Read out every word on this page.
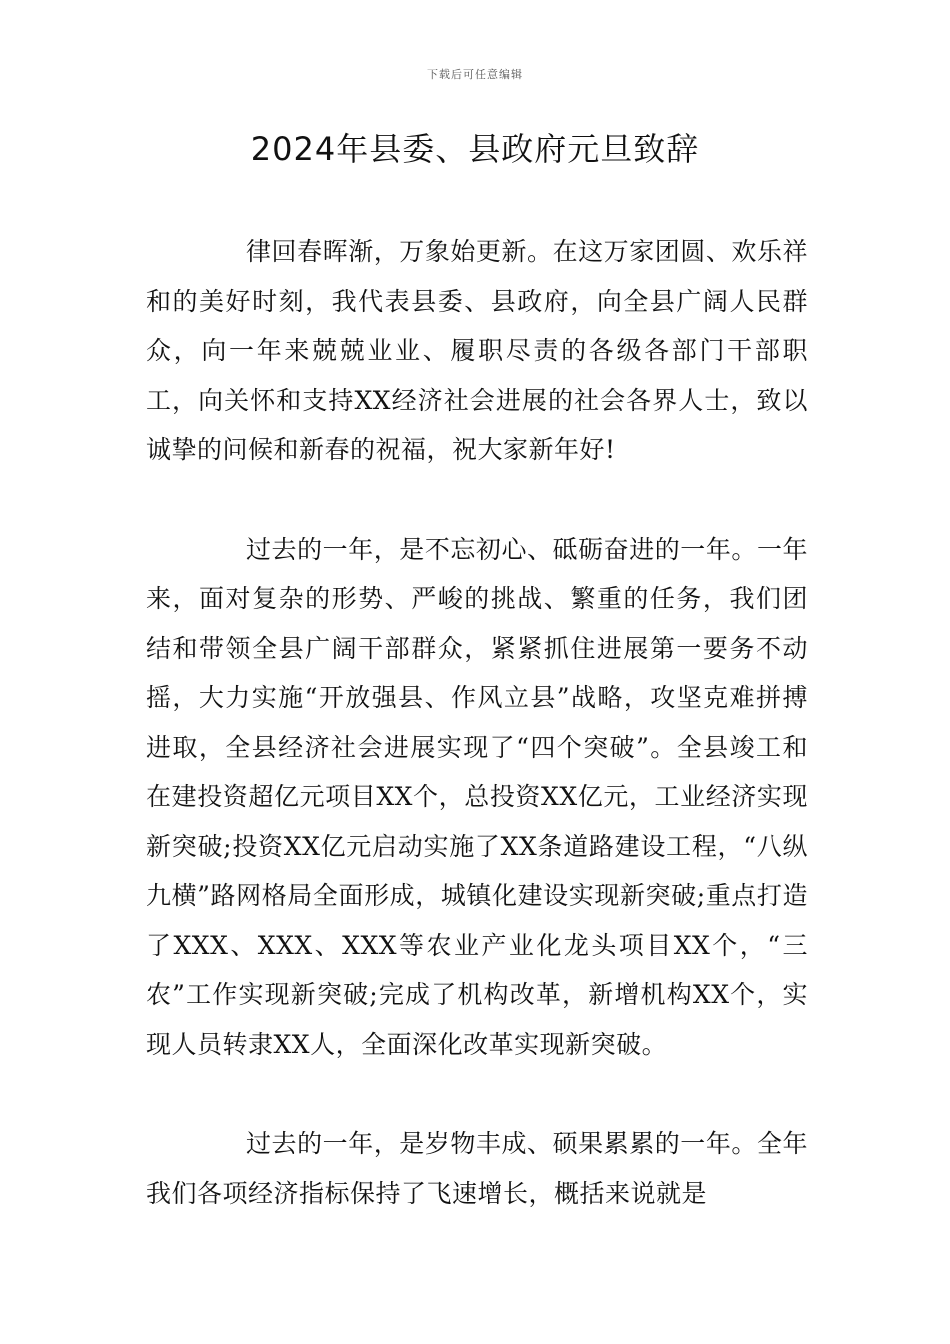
下载后可任意编辑
2024年县委、县政府元旦致辞

律回春晖渐，万象始更新。在这万家团圆、欢乐祥和的美好时刻，我代表县委、县政府，向全县广阔人民群众，向一年来兢兢业业、履职尽责的各级各部门干部职工，向关怀和支持XX经济社会进展的社会各界人士，致以诚挚的问候和新春的祝福，祝大家新年好!

过去的一年，是不忘初心、砥砺奋进的一年。一年来，面对复杂的形势、严峻的挑战、繁重的任务，我们团结和带领全县广阔干部群众，紧紧抓住进展第一要务不动摇，大力实施“开放强县、作风立县”战略，攻坚克难拼搏进取，全县经济社会进展实现了“四个突破”。全县竣工和在建投资超亿元项目XX个，总投资XX亿元，工业经济实现新突破;投资XX亿元启动实施了XX条道路建设工程，“八纵九横”路网格局全面形成，城镇化建设实现新突破;重点打造了XXX、XXX、XXX等农业产业化龙头项目XX个，“三农”工作实现新突破;完成了机构改革，新增机构XX个，实现人员转隶XX人，全面深化改革实现新突破。

过去的一年，是岁物丰成、硕果累累的一年。全年我们各项经济指标保持了飞速增长，概括来说就是
